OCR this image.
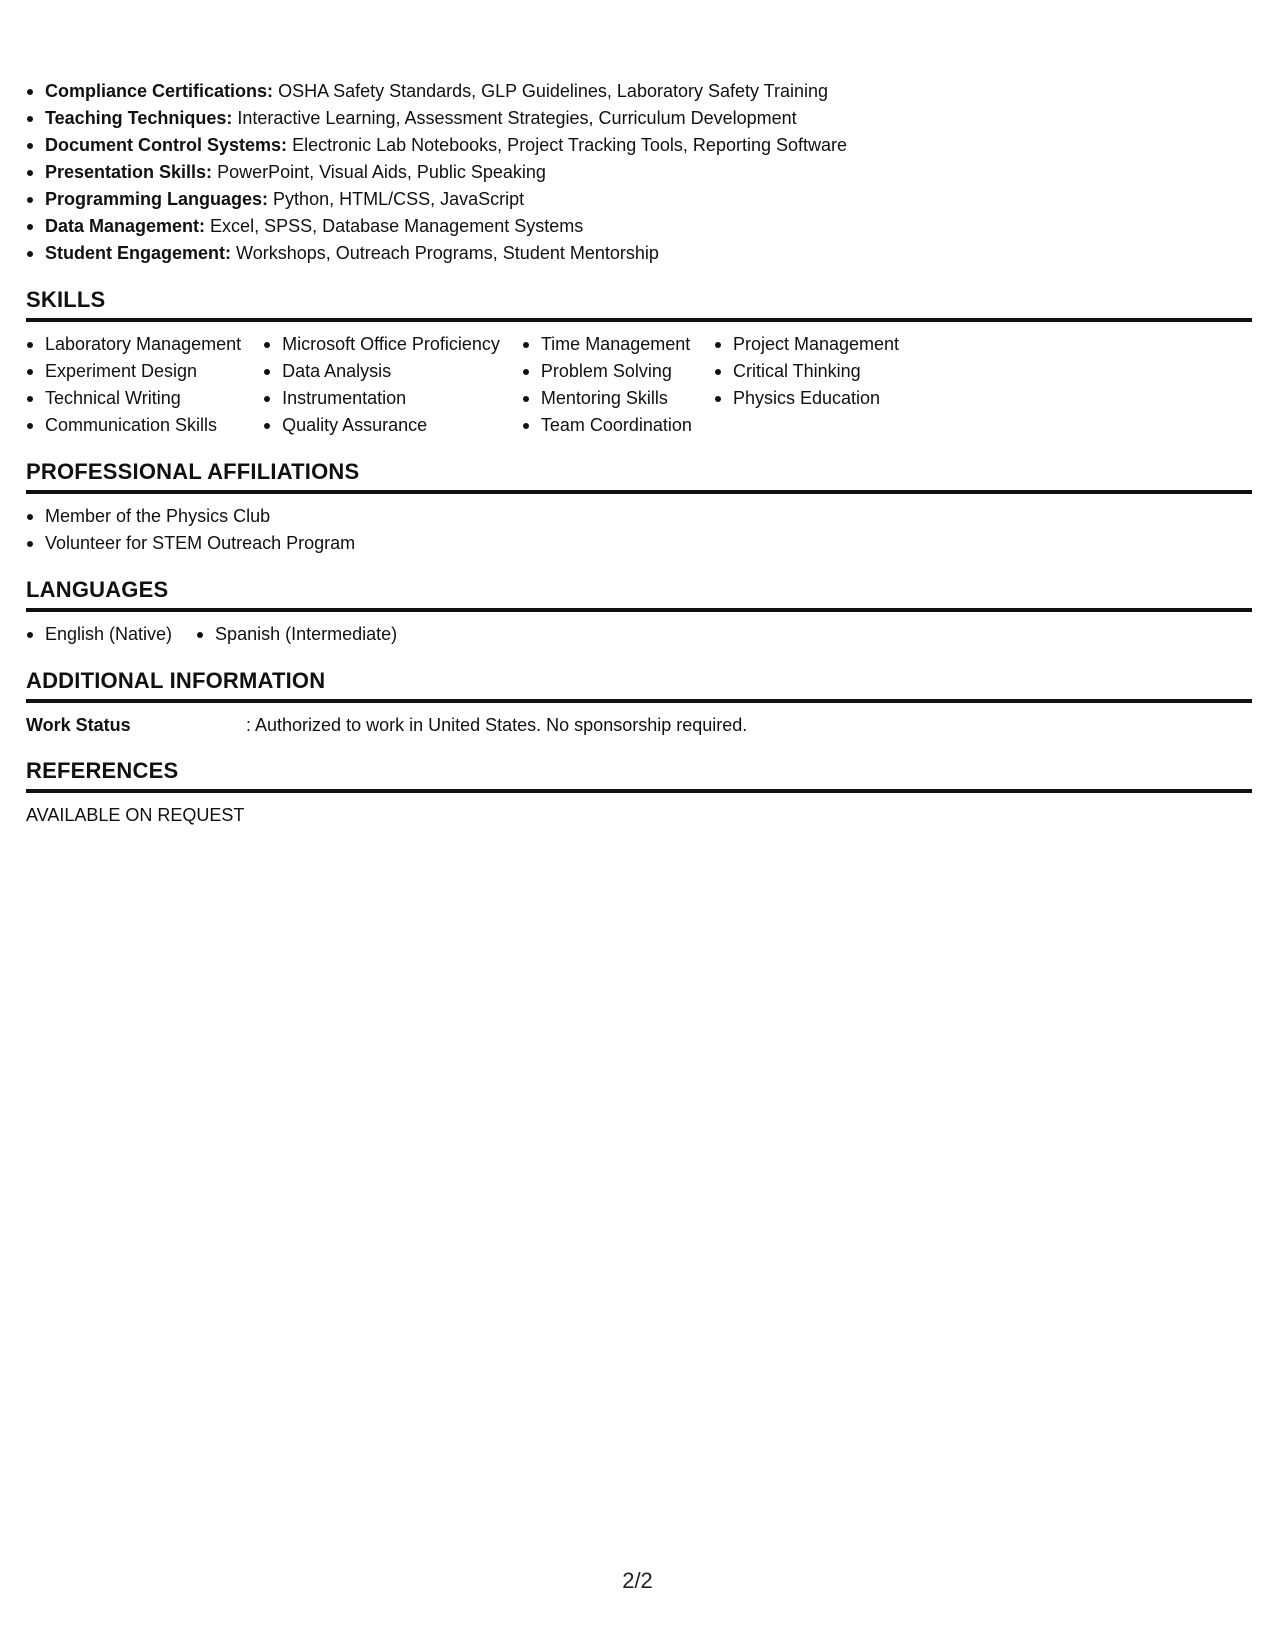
Compliance Certifications: OSHA Safety Standards, GLP Guidelines, Laboratory Safety Training
Teaching Techniques: Interactive Learning, Assessment Strategies, Curriculum Development
Document Control Systems: Electronic Lab Notebooks, Project Tracking Tools, Reporting Software
Presentation Skills: PowerPoint, Visual Aids, Public Speaking
Programming Languages: Python, HTML/CSS, JavaScript
Data Management: Excel, SPSS, Database Management Systems
Student Engagement: Workshops, Outreach Programs, Student Mentorship
SKILLS
Laboratory Management
Experiment Design
Technical Writing
Communication Skills
Microsoft Office Proficiency
Data Analysis
Instrumentation
Quality Assurance
Time Management
Problem Solving
Mentoring Skills
Team Coordination
Project Management
Critical Thinking
Physics Education
PROFESSIONAL AFFILIATIONS
Member of the Physics Club
Volunteer for STEM Outreach Program
LANGUAGES
English (Native)	Spanish (Intermediate)
ADDITIONAL INFORMATION
Work Status	: Authorized to work in United States. No sponsorship required.
REFERENCES
AVAILABLE ON REQUEST
2/2
